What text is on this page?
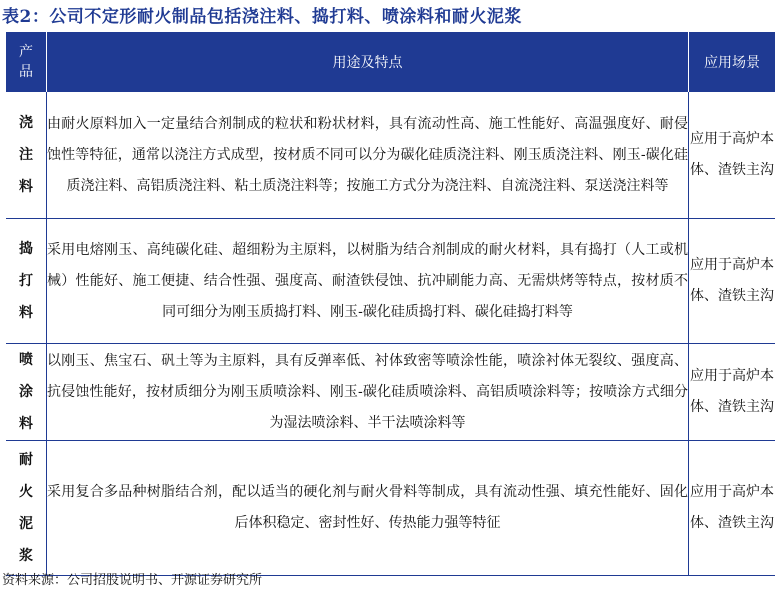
表2：公司不定形耐火制品包括浇注料、捣打料、喷涂料和耐火泥浆
产
品	用途及特点	应用场景

浇
注
料	由耐火原料加入一定量结合剂制成的粒状和粉状材料，具有流动性高、施工性能好、高温强度好、耐侵蚀性等特征，通常以浇注方式成型，按材质不同可以分为碳化硅质浇注料、刚玉质浇注料、刚玉-碳化硅质浇注料、高铝质浇注料、粘土质浇注料等；按施工方式分为浇注料、自流浇注料、泵送浇注料等	应用于高炉本体、渣铁主沟

捣
打
料	采用电熔刚玉、高纯碳化硅、超细粉为主原料，以树脂为结合剂制成的耐火材料，具有捣打（人工或机械）性能好、施工便捷、结合性强、强度高、耐渣铁侵蚀、抗冲刷能力高、无需烘烤等特点，按材质不同可细分为刚玉质捣打料、刚玉-碳化硅质捣打料、碳化硅捣打料等	应用于高炉本体、渣铁主沟

喷
涂
料	以刚玉、焦宝石、矾土等为主原料，具有反弹率低、衬体致密等喷涂性能，喷涂衬体无裂纹、强度高、抗侵蚀性能好，按材质细分为刚玉质喷涂料、刚玉-碳化硅质喷涂料、高铝质喷涂料等；按喷涂方式细分为湿法喷涂料、半干法喷涂料等	应用于高炉本体、渣铁主沟

耐
火
泥
浆	采用复合多品种树脂结合剂，配以适当的硬化剂与耐火骨料等制成，具有流动性强、填充性能好、固化后体积稳定、密封性好、传热能力强等特征	应用于高炉本体、渣铁主沟
资料来源：公司招股说明书、开源证券研究所
